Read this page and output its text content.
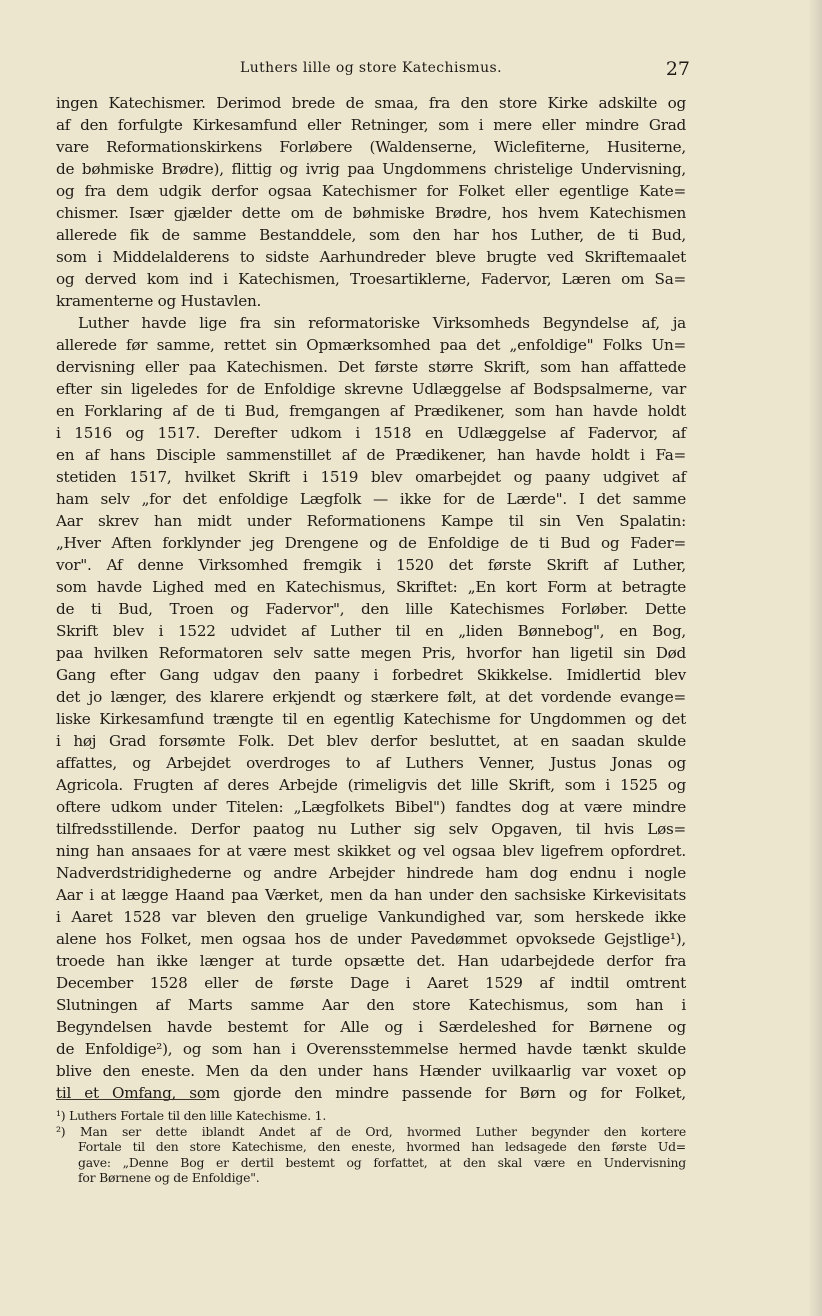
Luthers lille og store Katechismus.	27
ingen Katechismer. Derimod brede de smaa, fra den store Kirke adskilte og
af den forfulgte Kirkesamfund eller Retninger, som i mere eller mindre Grad
vare Reformationskirkens Forløbere (Waldenserne, Wiclefiterne, Husiterne,
de bøhmiske Brødre), flittig og ivrig paa Ungdommens christelige Undervisning,
og fra dem udgik derfor ogsaa Katechismer for Folket eller egentlige Kate=
chismer. Især gjælder dette om de bøhmiske Brødre, hos hvem Katechismen
allerede fik de samme Bestanddele, som den har hos Luther, de ti Bud,
som i Middelalderens to sidste Aarhundreder bleve brugte ved Skriftemaalet
og derved kom ind i Katechismen, Troesartiklerne, Fadervor, Læren om Sa=
kramenterne og Hustavlen.
Luther havde lige fra sin reformatoriske Virksomheds Begyndelse af, ja
allerede før samme, rettet sin Opmærksomhed paa det „enfoldige" Folks Un=
dervisning eller paa Katechismen. Det første større Skrift, som han affattede
efter sin ligeledes for de Enfoldige skrevne Udlæggelse af Bodspsalmerne, var
en Forklaring af de ti Bud, fremgangen af Prædikener, som han havde holdt
i 1516 og 1517. Derefter udkom i 1518 en Udlæggelse af Fadervor, af
en af hans Disciple sammenstillet af de Prædikener, han havde holdt i Fa=
stetiden 1517, hvilket Skrift i 1519 blev omarbejdet og paany udgivet af
ham selv „for det enfoldige Lægfolk — ikke for de Lærde". I det samme
Aar skrev han midt under Reformationens Kampe til sin Ven Spalatin:
„Hver Aften forklynder jeg Drengene og de Enfoldige de ti Bud og Fader=
vor". Af denne Virksomhed fremgik i 1520 det første Skrift af Luther,
som havde Lighed med en Katechismus, Skriftet: „En kort Form at betragte
de ti Bud, Troen og Fadervor", den lille Katechismes Forløber. Dette
Skrift blev i 1522 udvidet af Luther til en „liden Bønnebog", en Bog,
paa hvilken Reformatoren selv satte megen Pris, hvorfor han ligetil sin Død
Gang efter Gang udgav den paany i forbedret Skikkelse. Imidlertid blev
det jo længer, des klarere erkjendt og stærkere følt, at det vordende evange=
liske Kirkesamfund trængte til en egentlig Katechisme for Ungdommen og det
i høj Grad forsømte Folk. Det blev derfor besluttet, at en saadan skulde
affattes, og Arbejdet overdroges to af Luthers Venner, Justus Jonas og
Agricola. Frugten af deres Arbejde (rimeligvis det lille Skrift, som i 1525 og
oftere udkom under Titelen: „Lægfolkets Bibel") fandtes dog at være mindre
tilfredsstillende. Derfor paatog nu Luther sig selv Opgaven, til hvis Løs=
ning han ansaaes for at være mest skikket og vel ogsaa blev ligefrem opfordret.
Nadverdstridighederne og andre Arbejder hindrede ham dog endnu i nogle
Aar i at lægge Haand paa Værket, men da han under den sachsiske Kirkevisitats
i Aaret 1528 var bleven den gruelige Vankundighed var, som herskede ikke
alene hos Folket, men ogsaa hos de under Pavedømmet opvoksede Gejstlige¹),
troede han ikke længer at turde opsætte det. Han udarbejdede derfor fra
December 1528 eller de første Dage i Aaret 1529 af indtil omtrent
Slutningen af Marts samme Aar den store Katechismus, som han i
Begyndelsen havde bestemt for Alle og i Særdeleshed for Børnene og
de Enfoldige²), og som han i Overensstemmelse hermed havde tænkt skulde
blive den eneste. Men da den under hans Hænder uvilkaarlig var voxet op
til et Omfang, som gjorde den mindre passende for Børn og for Folket,
¹) Luthers Fortale til den lille Katechisme. 1.
²) Man ser dette iblandt Andet af de Ord, hvormed Luther begynder den kortere
Fortale til den store Katechisme, den eneste, hvormed han ledsagede den første Ud=
gave: „Denne Bog er dertil bestemt og forfattet, at den skal være en Undervisning
for Børnene og de Enfoldige".
